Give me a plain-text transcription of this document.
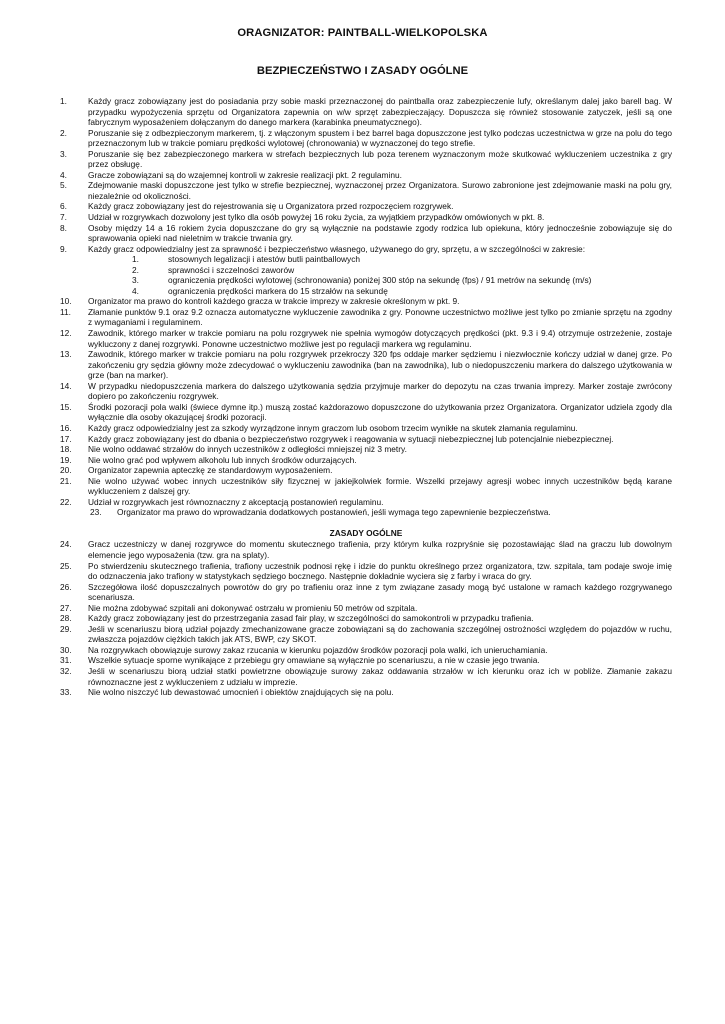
ORAGNIZATOR: PAINTBALL-WIELKOPOLSKA
BEZPIECZEŃSTWO I ZASADY OGÓLNE
1.	Każdy gracz zobowiązany jest do posiadania przy sobie maski przeznaczonej do paintballa oraz zabezpieczenie lufy, określanym dalej jako barell bag. W przypadku wypożyczenia sprzętu od Organizatora zapewnia on w/w sprzęt zabezpieczający. Dopuszcza się również stosowanie zatyczek, jeśli są one fabrycznym wyposażeniem dołączanym do danego markera (karabinka pneumatycznego).
2.	Poruszanie się z odbezpieczonym markerem, tj. z włączonym spustem i bez barrel baga dopuszczone jest tylko podczas uczestnictwa w grze na polu do tego przeznaczonym lub w trakcie pomiaru prędkości wylotowej (chronowania) w wyznaczonej do tego strefie.
3.	Poruszanie się bez zabezpieczonego markera w strefach bezpiecznych lub poza terenem wyznaczonym może skutkować wykluczeniem uczestnika z gry przez obsługę.
4.	Gracze zobowiązani są do wzajemnej kontroli w zakresie realizacji pkt. 2 regulaminu.
5.	Zdejmowanie maski dopuszczone jest tylko w strefie bezpiecznej, wyznaczonej przez Organizatora. Surowo zabronione jest zdejmowanie maski na polu gry, niezależnie od okoliczności.
6.	Każdy gracz zobowiązany jest do rejestrowania się u Organizatora przed rozpoczęciem rozgrywek.
7.	Udział w rozgrywkach dozwolony jest tylko dla osób powyżej 16 roku życia, za wyjątkiem przypadków omówionych w pkt. 8.
8.	Osoby między 14 a 16 rokiem życia dopuszczane do gry są wyłącznie na podstawie zgody rodzica lub opiekuna, który jednocześnie zobowiązuje się do sprawowania opieki nad nieletnim w trakcie trwania gry.
9.	Każdy gracz odpowiedzialny jest za sprawność i bezpieczeństwo własnego, używanego do gry, sprzętu, a w szczególności w zakresie:
1.	stosownych legalizacji i atestów butli paintballowych
2.	sprawności i szczelności zaworów
3.	ograniczenia prędkości wylotowej (schronowania) poniżej 300 stóp na sekundę (fps) / 91 metrów na sekundę (m/s)
4.	ograniczenia prędkości markera do 15 strzałów na sekundę
10. Organizator ma prawo do kontroli każdego gracza w trakcie imprezy w zakresie określonym w pkt. 9.
11. Złamanie punktów 9.1 oraz 9.2 oznacza automatyczne wykluczenie zawodnika z gry. Ponowne uczestnictwo możliwe jest tylko po zmianie sprzętu na zgodny z wymaganiami i regulaminem.
12. Zawodnik, którego marker w trakcie pomiaru na polu rozgrywek nie spełnia wymogów dotyczących prędkości (pkt. 9.3 i 9.4) otrzymuje ostrzeżenie, zostaje wykluczony z danej rozgrywki. Ponowne uczestnictwo możliwe jest po regulacji markera wg regulaminu.
13. Zawodnik, którego marker w trakcie pomiaru na polu rozgrywek przekroczy 320 fps oddaje marker sędziemu i niezwłocznie kończy udział w danej grze. Po zakończeniu gry sędzia główny może zdecydować o wykluczeniu zawodnika (ban na zawodnika), lub o niedopuszczeniu markera do dalszego użytkowania w grze (ban na marker).
14. W przypadku niedopuszczenia markera do dalszego użytkowania sędzia przyjmuje marker do depozytu na czas trwania imprezy. Marker zostaje zwrócony dopiero po zakończeniu rozgrywek.
15. Środki pozoracji pola walki (świece dymne itp.) muszą zostać każdorazowo dopuszczone do użytkowania przez Organizatora. Organizator udziela zgody dla wyłącznie dla osoby okazującej środki pozoracji.
16. Każdy gracz odpowiedzialny jest za szkody wyrządzone innym graczom lub osobom trzecim wynikłe na skutek złamania regulaminu.
17. Każdy gracz zobowiązany jest do dbania o bezpieczeństwo rozgrywek i reagowania w sytuacji niebezpiecznej lub potencjalnie niebezpiecznej.
18. Nie wolno oddawać strzałów do innych uczestników z odległości mniejszej niż 3 metry.
19. Nie wolno grać pod wpływem alkoholu lub innych środków odurzających.
20. Organizator zapewnia apteczkę ze standardowym wyposażeniem.
21. Nie wolno używać wobec innych uczestników siły fizycznej w jakiejkolwiek formie. Wszelki przejawy agresji wobec innych uczestników będą karane wykluczeniem z dalszej gry.
22. Udział w rozgrywkach jest równoznaczny z akceptacją postanowień regulaminu.
23. Organizator ma prawo do wprowadzania dodatkowych postanowień, jeśli wymaga tego zapewnienie bezpieczeństwa.
ZASADY OGÓLNE
24. Gracz uczestniczy w danej rozgrywce do momentu skutecznego trafienia, przy którym kulka rozpryśnie się pozostawiając ślad na graczu lub dowolnym elemencie jego wyposażenia (tzw. gra na splaty).
25. Po stwierdzeniu skutecznego trafienia, trafiony uczestnik podnosi rękę i idzie do punktu określnego przez organizatora, tzw. szpitala, tam podaje swoje imię do odznaczenia jako trafiony w statystykach sędziego bocznego. Następnie dokładnie wyciera się z farby i wraca do gry.
26. Szczegółowa ilość dopuszczalnych powrotów do gry po trafieniu oraz inne z tym związane zasady mogą być ustalone w ramach każdego rozgrywanego scenariusza.
27. Nie można zdobywać szpitali ani dokonywać ostrzału w promieniu 50 metrów od szpitala.
28. Każdy gracz zobowiązany jest do przestrzegania zasad fair play, w szczególności do samokontroli w przypadku trafienia.
29. Jeśli w scenariuszu biorą udział pojazdy zmechanizowane gracze zobowiązani są do zachowania szczególnej ostrożności względem do pojazdów w ruchu, zwłaszcza pojazdów ciężkich takich jak ATS, BWP, czy SKOT.
30. Na rozgrywkach obowiązuje surowy zakaz rzucania w kierunku pojazdów środków pozoracji pola walki, ich unieruchamiania.
31. Wszelkie sytuacje sporne wynikające z przebiegu gry omawiane są wyłącznie po scenariuszu, a nie w czasie jego trwania.
32. Jeśli w scenariuszu biorą udział statki powietrzne obowiązuje surowy zakaz oddawania strzałów w ich kierunku oraz ich w pobliże. Złamanie zakazu równoznaczne jest z wykluczeniem z udziału w imprezie.
33. Nie wolno niszczyć lub dewastować umocnień i obiektów znajdujących się na polu.
